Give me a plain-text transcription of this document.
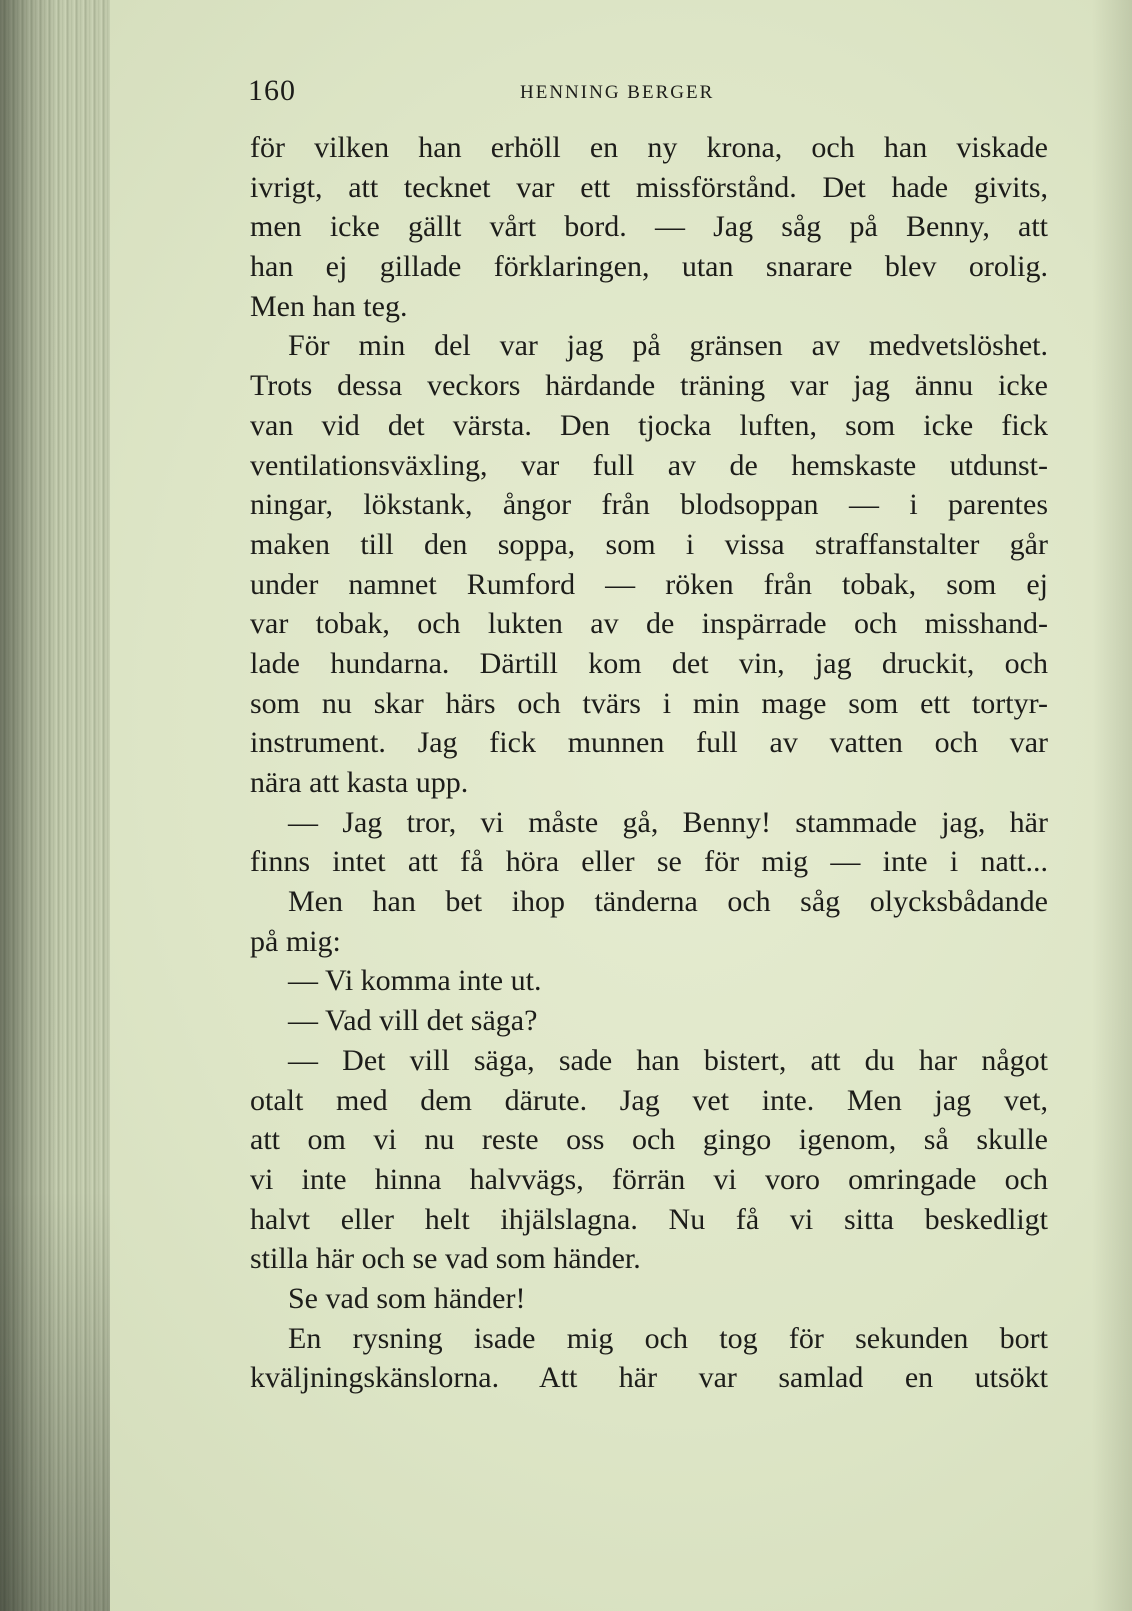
160	HENNING BERGER
för vilken han erhöll en ny krona, och han viskade
ivrigt, att tecknet var ett missförstånd. Det hade givits,
men icke gällt vårt bord. — Jag såg på Benny, att
han ej gillade förklaringen, utan snarare blev orolig.
Men han teg.
För min del var jag på gränsen av medvetslöshet.
Trots dessa veckors härdande träning var jag ännu icke
van vid det värsta. Den tjocka luften, som icke fick
ventilationsväxling, var full av de hemskaste utdunst-
ningar, lökstank, ångor från blodsoppan — i parentes
maken till den soppa, som i vissa straffanstalter går
under namnet Rumford — röken från tobak, som ej
var tobak, och lukten av de inspärrade och misshand-
lade hundarna. Därtill kom det vin, jag druckit, och
som nu skar härs och tvärs i min mage som ett tortyr-
instrument. Jag fick munnen full av vatten och var
nära att kasta upp.
— Jag tror, vi måste gå, Benny! stammade jag, här
finns intet att få höra eller se för mig — inte i natt...
Men han bet ihop tänderna och såg olycksbådande
på mig:
— Vi komma inte ut.
— Vad vill det säga?
— Det vill säga, sade han bistert, att du har något
otalt med dem därute. Jag vet inte. Men jag vet,
att om vi nu reste oss och gingo igenom, så skulle
vi inte hinna halvvägs, förrän vi voro omringade och
halvt eller helt ihjälslagna. Nu få vi sitta beskedligt
stilla här och se vad som händer.
Se vad som händer!
En rysning isade mig och tog för sekunden bort
kväljningskänslorna. Att här var samlad en utsökt
